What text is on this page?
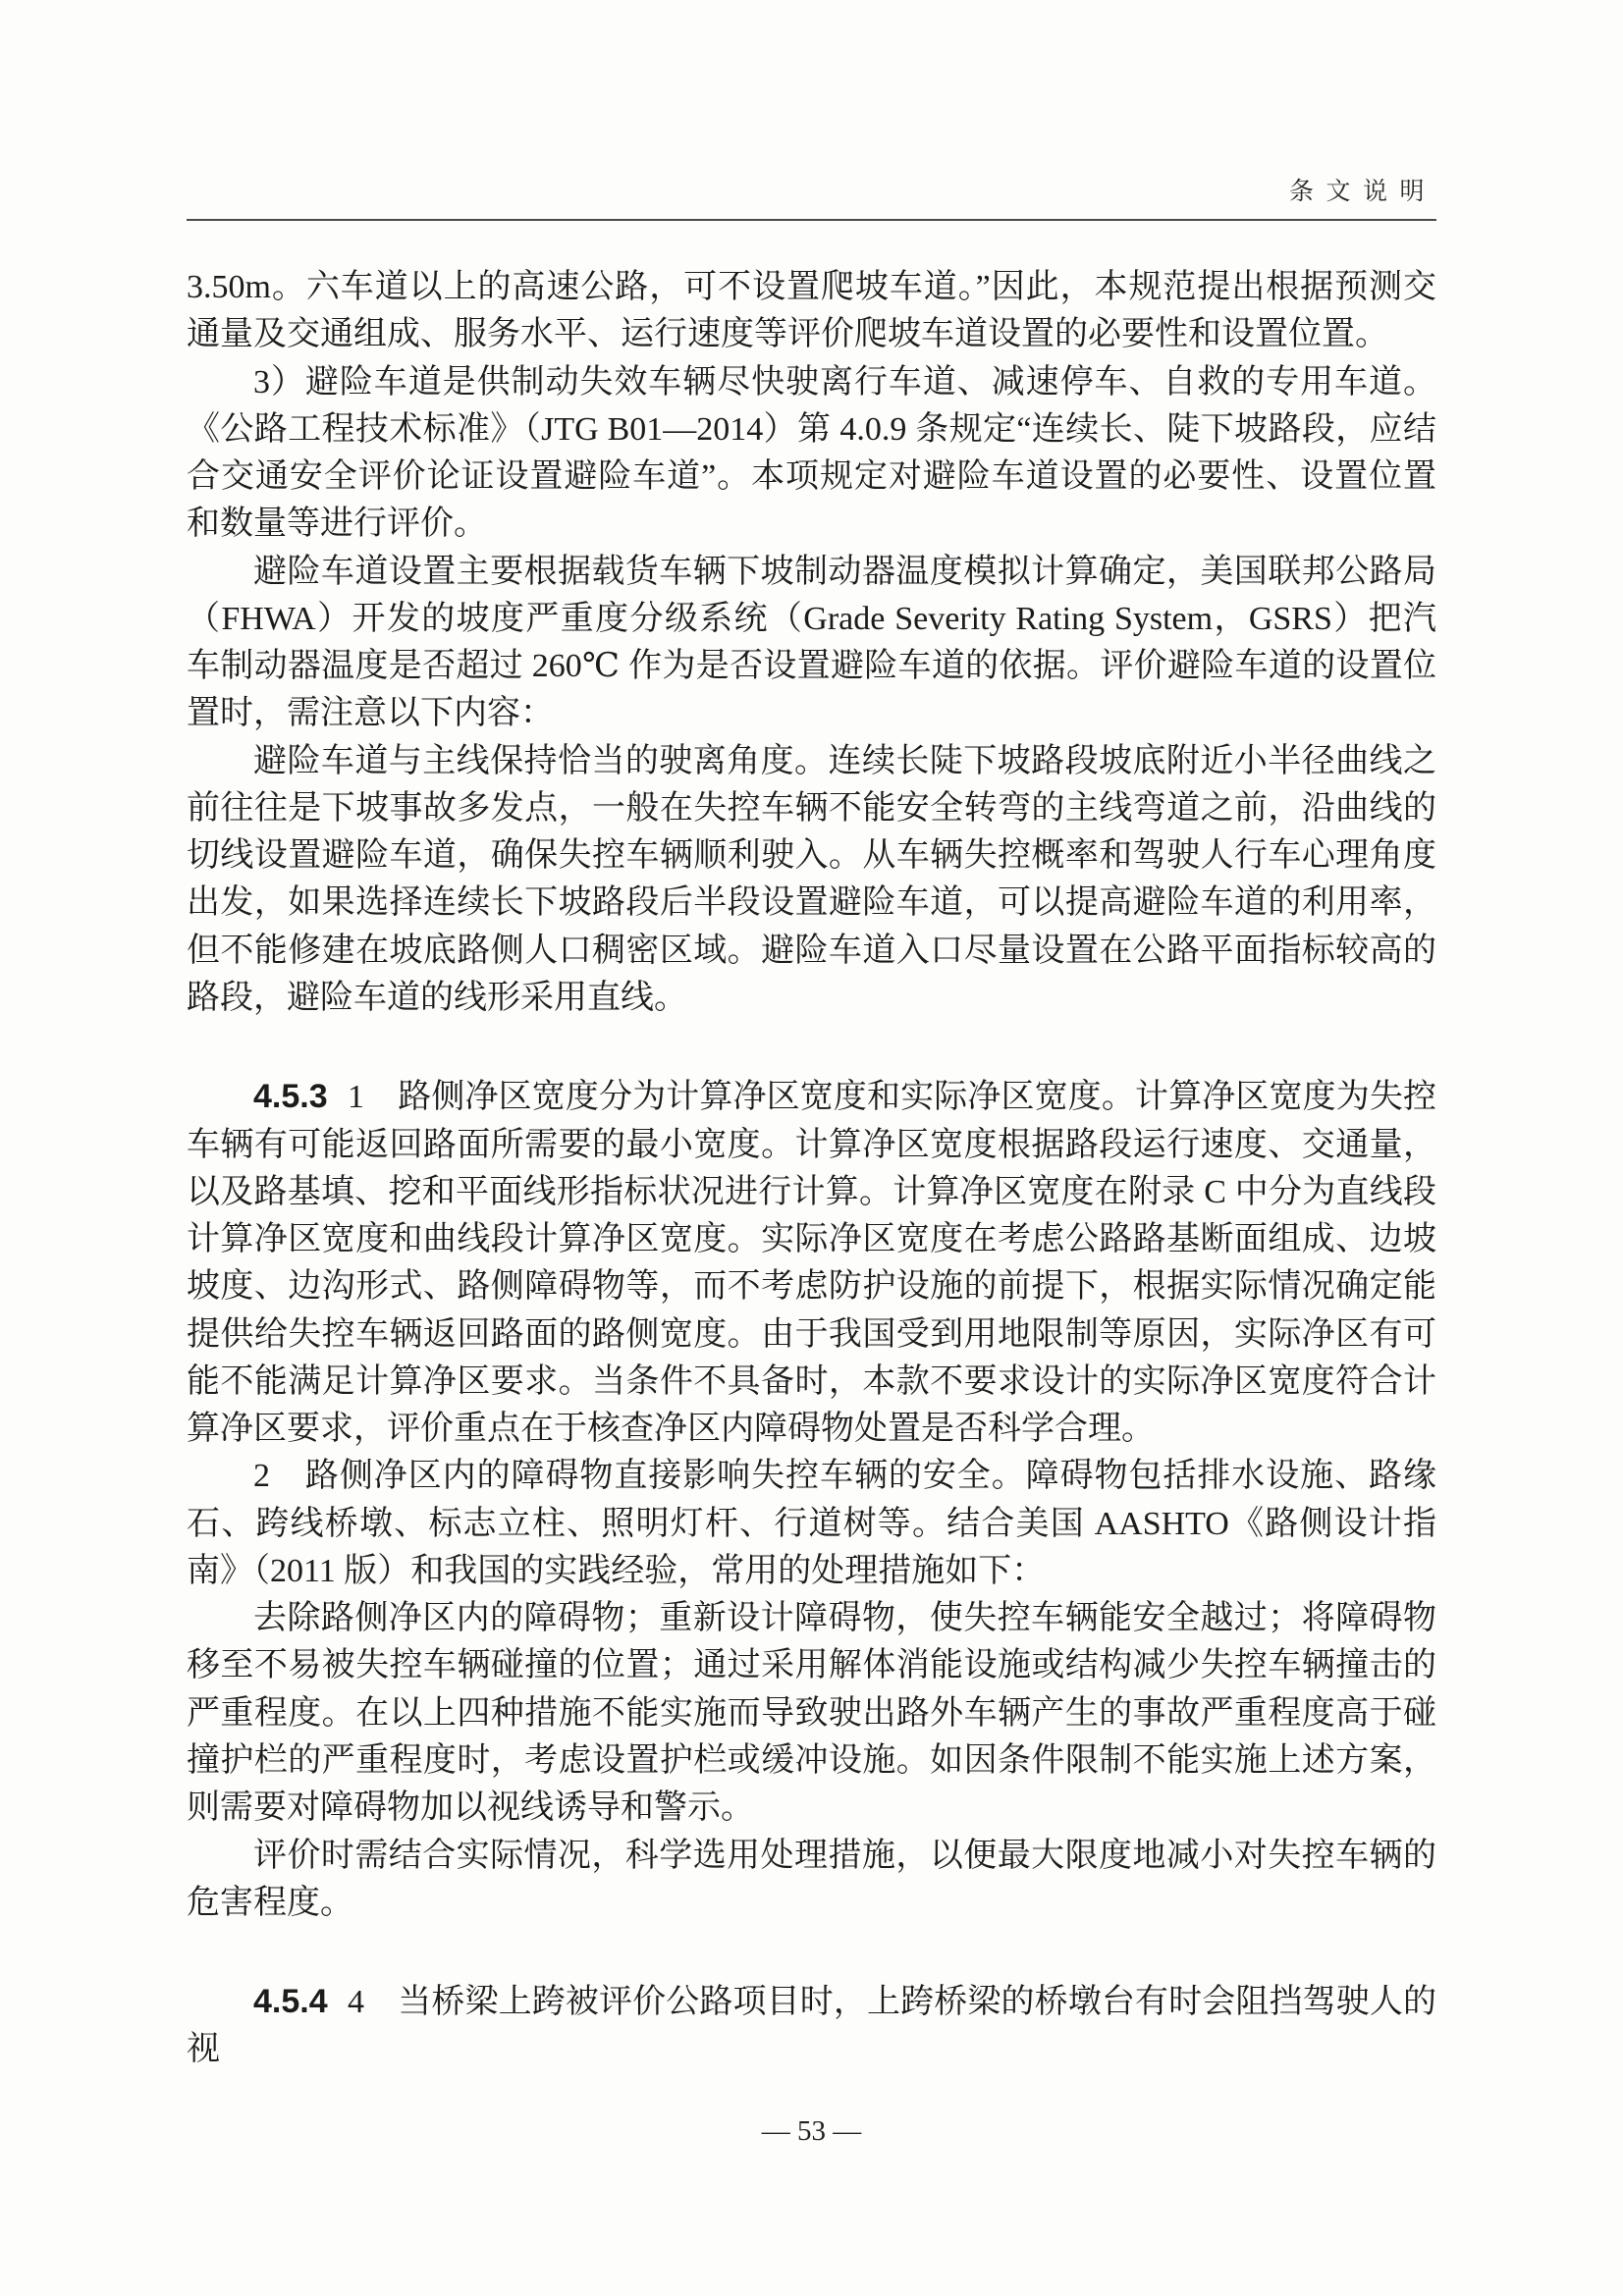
条文说明

3.50m。六车道以上的高速公路，可不设置爬坡车道。”因此，本规范提出根据预测交通量及交通组成、服务水平、运行速度等评价爬坡车道设置的必要性和设置位置。

3）避险车道是供制动失效车辆尽快驶离行车道、减速停车、自救的专用车道。《公路工程技术标准》（JTG B01—2014）第 4.0.9 条规定“连续长、陡下坡路段，应结合交通安全评价论证设置避险车道”。本项规定对避险车道设置的必要性、设置位置和数量等进行评价。

避险车道设置主要根据载货车辆下坡制动器温度模拟计算确定，美国联邦公路局（FHWA）开发的坡度严重度分级系统（Grade Severity Rating System，GSRS）把汽车制动器温度是否超过 260℃ 作为是否设置避险车道的依据。评价避险车道的设置位置时，需注意以下内容：

避险车道与主线保持恰当的驶离角度。连续长陡下坡路段坡底附近小半径曲线之前往往是下坡事故多发点，一般在失控车辆不能安全转弯的主线弯道之前，沿曲线的切线设置避险车道，确保失控车辆顺利驶入。从车辆失控概率和驾驶人行车心理角度出发，如果选择连续长下坡路段后半段设置避险车道，可以提高避险车道的利用率，但不能修建在坡底路侧人口稠密区域。避险车道入口尽量设置在公路平面指标较高的路段，避险车道的线形采用直线。

4.5.3 1　路侧净区宽度分为计算净区宽度和实际净区宽度。计算净区宽度为失控车辆有可能返回路面所需要的最小宽度。计算净区宽度根据路段运行速度、交通量，以及路基填、挖和平面线形指标状况进行计算。计算净区宽度在附录 C 中分为直线段计算净区宽度和曲线段计算净区宽度。实际净区宽度在考虑公路路基断面组成、边坡坡度、边沟形式、路侧障碍物等，而不考虑防护设施的前提下，根据实际情况确定能提供给失控车辆返回路面的路侧宽度。由于我国受到用地限制等原因，实际净区有可能不能满足计算净区要求。当条件不具备时，本款不要求设计的实际净区宽度符合计算净区要求，评价重点在于核查净区内障碍物处置是否科学合理。

2　路侧净区内的障碍物直接影响失控车辆的安全。障碍物包括排水设施、路缘石、跨线桥墩、标志立柱、照明灯杆、行道树等。结合美国 AASHTO《路侧设计指南》（2011 版）和我国的实践经验，常用的处理措施如下：

去除路侧净区内的障碍物；重新设计障碍物，使失控车辆能安全越过；将障碍物移至不易被失控车辆碰撞的位置；通过采用解体消能设施或结构减少失控车辆撞击的严重程度。在以上四种措施不能实施而导致驶出路外车辆产生的事故严重程度高于碰撞护栏的严重程度时，考虑设置护栏或缓冲设施。如因条件限制不能实施上述方案，则需要对障碍物加以视线诱导和警示。

评价时需结合实际情况，科学选用处理措施，以便最大限度地减小对失控车辆的危害程度。

4.5.4 4　当桥梁上跨被评价公路项目时，上跨桥梁的桥墩台有时会阻挡驾驶人的视

— 53 —
